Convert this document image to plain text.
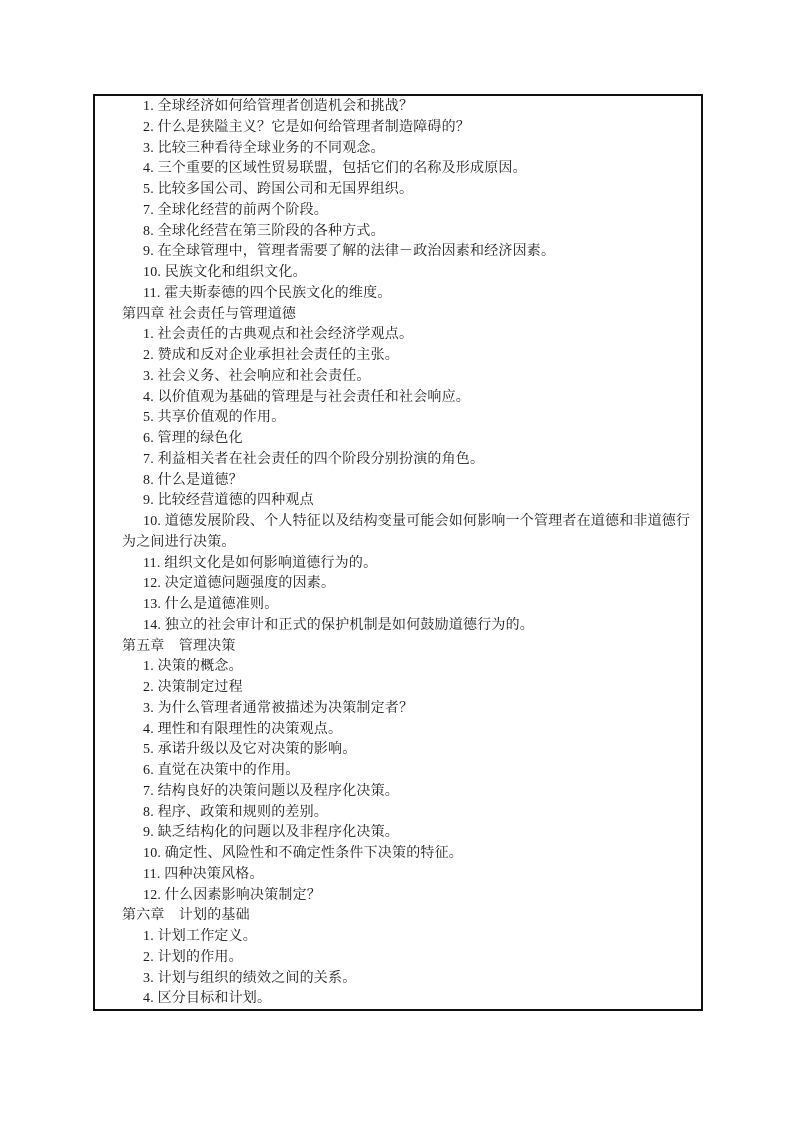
1. 全球经济如何给管理者创造机会和挑战？

2. 什么是狭隘主义？它是如何给管理者制造障碍的？

3. 比较三种看待全球业务的不同观念。

4. 三个重要的区域性贸易联盟，包括它们的名称及形成原因。

5. 比较多国公司、跨国公司和无国界组织。

7. 全球化经营的前两个阶段。

8. 全球化经营在第三阶段的各种方式。

9. 在全球管理中，管理者需要了解的法律－政治因素和经济因素。

10. 民族文化和组织文化。

11. 霍夫斯泰德的四个民族文化的维度。

第四章 社会责任与管理道德

1. 社会责任的古典观点和社会经济学观点。

2. 赞成和反对企业承担社会责任的主张。

3. 社会义务、社会响应和社会责任。

4. 以价值观为基础的管理是与社会责任和社会响应。

5. 共享价值观的作用。

6. 管理的绿色化

7. 利益相关者在社会责任的四个阶段分别扮演的角色。

8. 什么是道德？

9. 比较经营道德的四种观点

10. 道德发展阶段、个人特征以及结构变量可能会如何影响一个管理者在道德和非道德行为之间进行决策。

11. 组织文化是如何影响道德行为的。

12. 决定道德问题强度的因素。

13. 什么是道德准则。

14. 独立的社会审计和正式的保护机制是如何鼓励道德行为的。

第五章　管理决策

1. 决策的概念。

2. 决策制定过程

3. 为什么管理者通常被描述为决策制定者？

4. 理性和有限理性的决策观点。

5. 承诺升级以及它对决策的影响。

6. 直觉在决策中的作用。

7. 结构良好的决策问题以及程序化决策。

8. 程序、政策和规则的差别。

9. 缺乏结构化的问题以及非程序化决策。

10. 确定性、风险性和不确定性条件下决策的特征。

11. 四种决策风格。

12. 什么因素影响决策制定？

第六章　计划的基础

1. 计划工作定义。

2. 计划的作用。

3. 计划与组织的绩效之间的关系。

4. 区分目标和计划。
